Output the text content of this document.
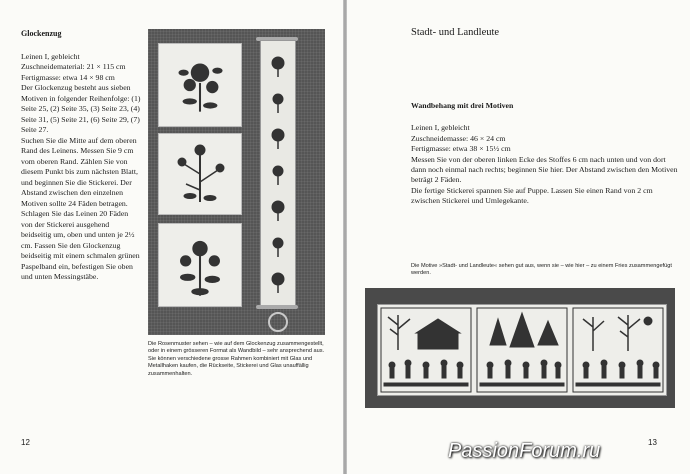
Glockenzug

Leinen I, gebleicht

Zuschneidematerial: 21 × 115 cm

Fertigmasse: etwa 14 × 98 cm

Der Glockenzug besteht aus sieben Motiven in folgender Reihenfolge: (1) Seite 25, (2) Seite 35, (3) Seite 23, (4) Seite 31, (5) Seite 21, (6) Seite 29, (7) Seite 27.

Suchen Sie die Mitte auf dem oberen Rand des Leinens. Messen Sie 9 cm vom oberen Rand. Zählen Sie von diesem Punkt bis zum nächsten Blatt, und beginnen Sie die Stickerei. Der Abstand zwischen den einzelnen Motiven sollte 24 Fäden betragen.

Schlagen Sie das Leinen 20 Fäden von der Stickerei ausgehend beidseitig um, oben und unten je 2½ cm. Fassen Sie den Glockenzug beidseitig mit einem schmalen grünen Paspelband ein, befestigen Sie oben und unten Messingstäbe.

Die Rosenmuster sehen – wie auf dem Glockenzug zusammengestellt, oder in einem grösseren Format als Wandbild – sehr ansprechend aus.

Sie können verschiedene grosse Rahmen kombiniert mit Glas und Metallhaken kaufen, die Rückseite, Stickerei und Glas unauffällig zusammenhalten.

12
Stadt- und Landleute
Wandbehang mit drei Motiven

Leinen I, gebleicht

Zuschneidemasse: 46 × 24 cm

Fertigmasse: etwa 38 × 15½ cm

Messen Sie von der oberen linken Ecke des Stoffes 6 cm nach unten und von dort dann noch einmal nach rechts; beginnen Sie hier. Der Abstand zwischen den Motiven beträgt 2 Fäden.

Die fertige Stickerei spannen Sie auf Puppe. Lassen Sie einen Rand von 2 cm zwischen Stickerei und Umlegekante.

Die Motive »Stadt- und Landleute« sehen gut aus, wenn sie – wie hier – zu einem Fries zusammengefügt werden.

13
PassionForum.ru
